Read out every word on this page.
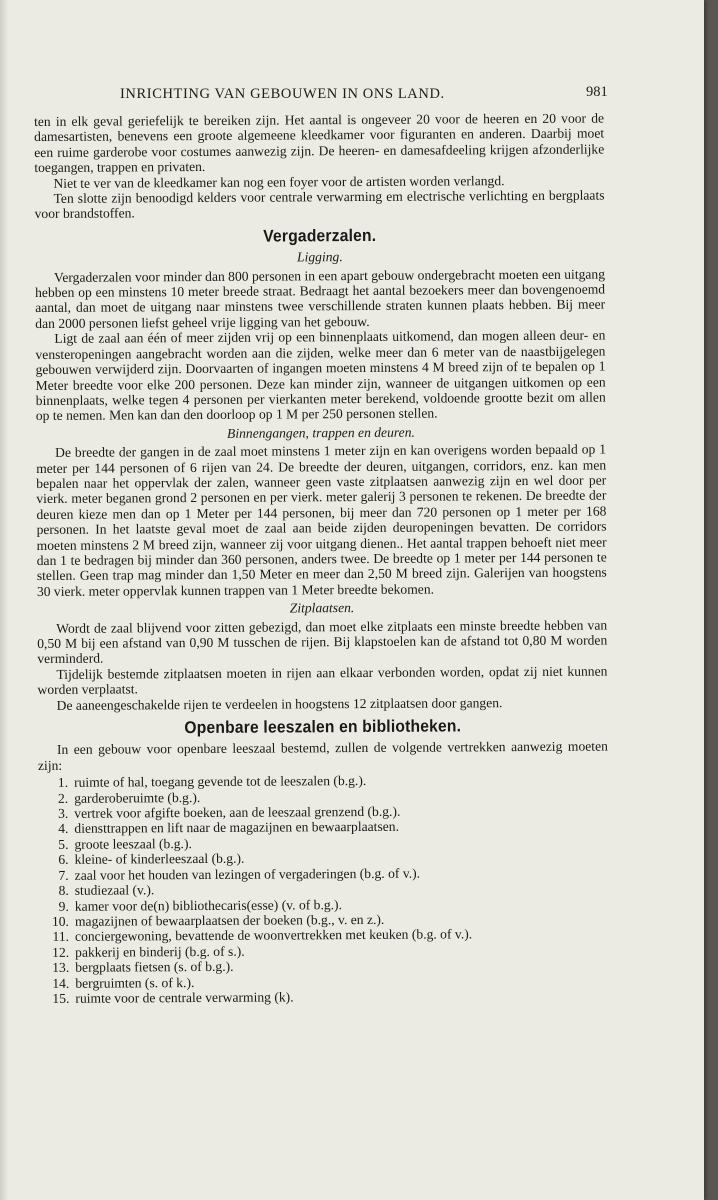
INRICHTING VAN GEBOUWEN IN ONS LAND.	981

ten in elk geval geriefelijk te bereiken zijn. Het aantal is ongeveer 20 voor de heeren en 20 voor de damesartisten, benevens een groote algemeene kleedkamer voor figuranten en anderen. Daarbij moet een ruime garderobe voor costumes aanwezig zijn. De heeren- en damesafdeeling krijgen afzonderlijke toegangen, trappen en privaten.

Niet te ver van de kleedkamer kan nog een foyer voor de artisten worden verlangd.

Ten slotte zijn benoodigd kelders voor centrale verwarming em electrische verlichting en bergplaats voor brandstoffen.

Vergaderzalen.
Ligging.

Vergaderzalen voor minder dan 800 personen in een apart gebouw ondergebracht moeten een uitgang hebben op een minstens 10 meter breede straat. Bedraagt het aantal bezoekers meer dan bovengenoemd aantal, dan moet de uitgang naar minstens twee verschillende straten kunnen plaats hebben. Bij meer dan 2000 personen liefst geheel vrije ligging van het gebouw.

Ligt de zaal aan één of meer zijden vrij op een binnenplaats uitkomend, dan mogen alleen deur- en vensteropeningen aangebracht worden aan die zijden, welke meer dan 6 meter van de naastbijgelegen gebouwen verwijderd zijn. Doorvaarten of ingangen moeten minstens 4 M breed zijn of te bepalen op 1 Meter breedte voor elke 200 personen. Deze kan minder zijn, wanneer de uitgangen uitkomen op een binnenplaats, welke tegen 4 personen per vierkanten meter berekend, voldoende grootte bezit om allen op te nemen. Men kan dan den doorloop op 1 M per 250 personen stellen.

Binnengangen, trappen en deuren.

De breedte der gangen in de zaal moet minstens 1 meter zijn en kan overigens worden bepaald op 1 meter per 144 personen of 6 rijen van 24. De breedte der deuren, uitgangen, corridors, enz. kan men bepalen naar het oppervlak der zalen, wanneer geen vaste zitplaatsen aanwezig zijn en wel door per vierk. meter beganen grond 2 personen en per vierk. meter galerij 3 personen te rekenen. De breedte der deuren kieze men dan op 1 Meter per 144 personen, bij meer dan 720 personen op 1 meter per 168 personen. In het laatste geval moet de zaal aan beide zijden deuropeningen bevatten. De corridors moeten minstens 2 M breed zijn, wanneer zij voor uitgang dienen.. Het aantal trappen behoeft niet meer dan 1 te bedragen bij minder dan 360 personen, anders twee. De breedte op 1 meter per 144 personen te stellen. Geen trap mag minder dan 1,50 Meter en meer dan 2,50 M breed zijn. Galerijen van hoogstens 30 vierk. meter oppervlak kunnen trappen van 1 Meter breedte bekomen.

Zitplaatsen.

Wordt de zaal blijvend voor zitten gebezigd, dan moet elke zitplaats een minste breedte hebben van 0,50 M bij een afstand van 0,90 M tusschen de rijen. Bij klapstoelen kan de afstand tot 0,80 M worden verminderd.

Tijdelijk bestemde zitplaatsen moeten in rijen aan elkaar verbonden worden, opdat zij niet kunnen worden verplaatst.

De aaneengeschakelde rijen te verdeelen in hoogstens 12 zitplaatsen door gangen.

Openbare leeszalen en bibliotheken.

In een gebouw voor openbare leeszaal bestemd, zullen de volgende vertrekken aanwezig moeten zijn:

1. ruimte of hal, toegang gevende tot de leeszalen (b.g.).
2. garderoberuimte (b.g.).
3. vertrek voor afgifte boeken, aan de leeszaal grenzend (b.g.).
4. diensttrappen en lift naar de magazijnen en bewaarplaatsen.
5. groote leeszaal (b.g.).
6. kleine- of kinderleeszaal (b.g.).
7. zaal voor het houden van lezingen of vergaderingen (b.g. of v.).
8. studiezaal (v.).
9. kamer voor de(n) bibliothecaris(esse) (v. of b.g.).
10. magazijnen of bewaarplaatsen der boeken (b.g., v. en z.).
11. conciergewoning, bevattende de woonvertrekken met keuken (b.g. of v.).
12. pakkerij en binderij (b.g. of s.).
13. bergplaats fietsen (s. of b.g.).
14. bergruimten (s. of k.).
15. ruimte voor de centrale verwarming (k).
